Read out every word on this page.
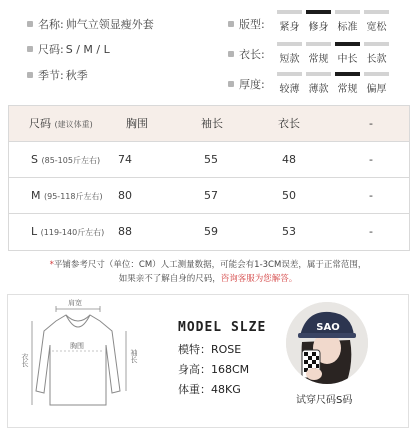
名称: 帅气立领显瘦外套
尺码: S / M / L
季节: 秋季
版型:	紧身 修身 标准 宽松
衣长:	短款 常规 中长 长款
厚度:	较薄 薄款 常规 偏厚
尺码 (建议体重)	胸围	袖长	衣长	-
S (85-105斤左右)	74	55	48	-
M (95-118斤左右)	80	57	50	-
L (119-140斤左右)	88	59	53	-
*平铺参考尺寸（单位：CM）人工测量数据，可能会有1-3CM误差，属于正常范围，
如果亲不了解自身的尺码，咨询客服为您解答。
肩宽
胸围
衣长	袖长
MODEL SLZE
模特：ROSE
身高：168CM
体重：48KG
SAO
试穿尺码S码
